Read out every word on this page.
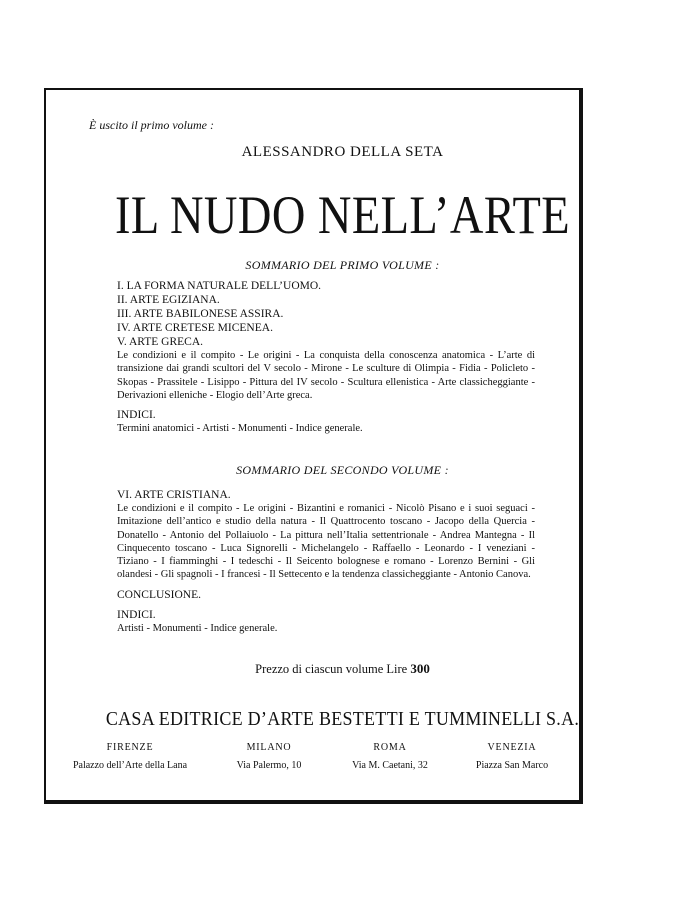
È uscito il primo volume :
ALESSANDRO DELLA SETA
IL NUDO NELL’ARTE
SOMMARIO DEL PRIMO VOLUME :
I. LA FORMA NATURALE DELL’UOMO.
II. ARTE EGIZIANA.
III. ARTE BABILONESE ASSIRA.
IV. ARTE CRETESE MICENEA.
V. ARTE GRECA.
Le condizioni e il compito - Le origini - La conquista della conoscenza anatomica - L’arte di transizione dai grandi scultori del V secolo - Mirone - Le sculture di Olimpia - Fidia - Policleto - Skopas - Prassitele - Lisippo - Pittura del IV secolo - Scultura ellenistica - Arte classicheggiante - Derivazioni elleniche - Elogio dell’Arte greca.
INDICI.
Termini anatomici - Artisti - Monumenti - Indice generale.
SOMMARIO DEL SECONDO VOLUME :
VI. ARTE CRISTIANA.
Le condizioni e il compito - Le origini - Bizantini e romanici - Nicolò Pisano e i suoi seguaci - Imitazione dell’antico e studio della natura - Il Quattrocento toscano - Jacopo della Quercia - Donatello - Antonio del Pollaiuolo - La pittura nell’Italia settentrionale - Andrea Mantegna - Il Cinquecento toscano - Luca Signorelli - Michelangelo - Raffaello - Leonardo - I veneziani - Tiziano - I fiamminghi - I tedeschi - Il Seicento bolognese e romano - Lorenzo Bernini - Gli olandesi - Gli spagnoli - I francesi - Il Settecento e la tendenza classicheggiante - Antonio Canova.
CONCLUSIONE.
INDICI.
Artisti - Monumenti - Indice generale.
Prezzo di ciascun volume Lire 300
CASA EDITRICE D’ARTE BESTETTI E TUMMINELLI S.A.
FIRENZE
Palazzo dell’Arte della Lana
MILANO
Via Palermo, 10
ROMA
Via M. Caetani, 32
VENEZIA
Piazza San Marco
